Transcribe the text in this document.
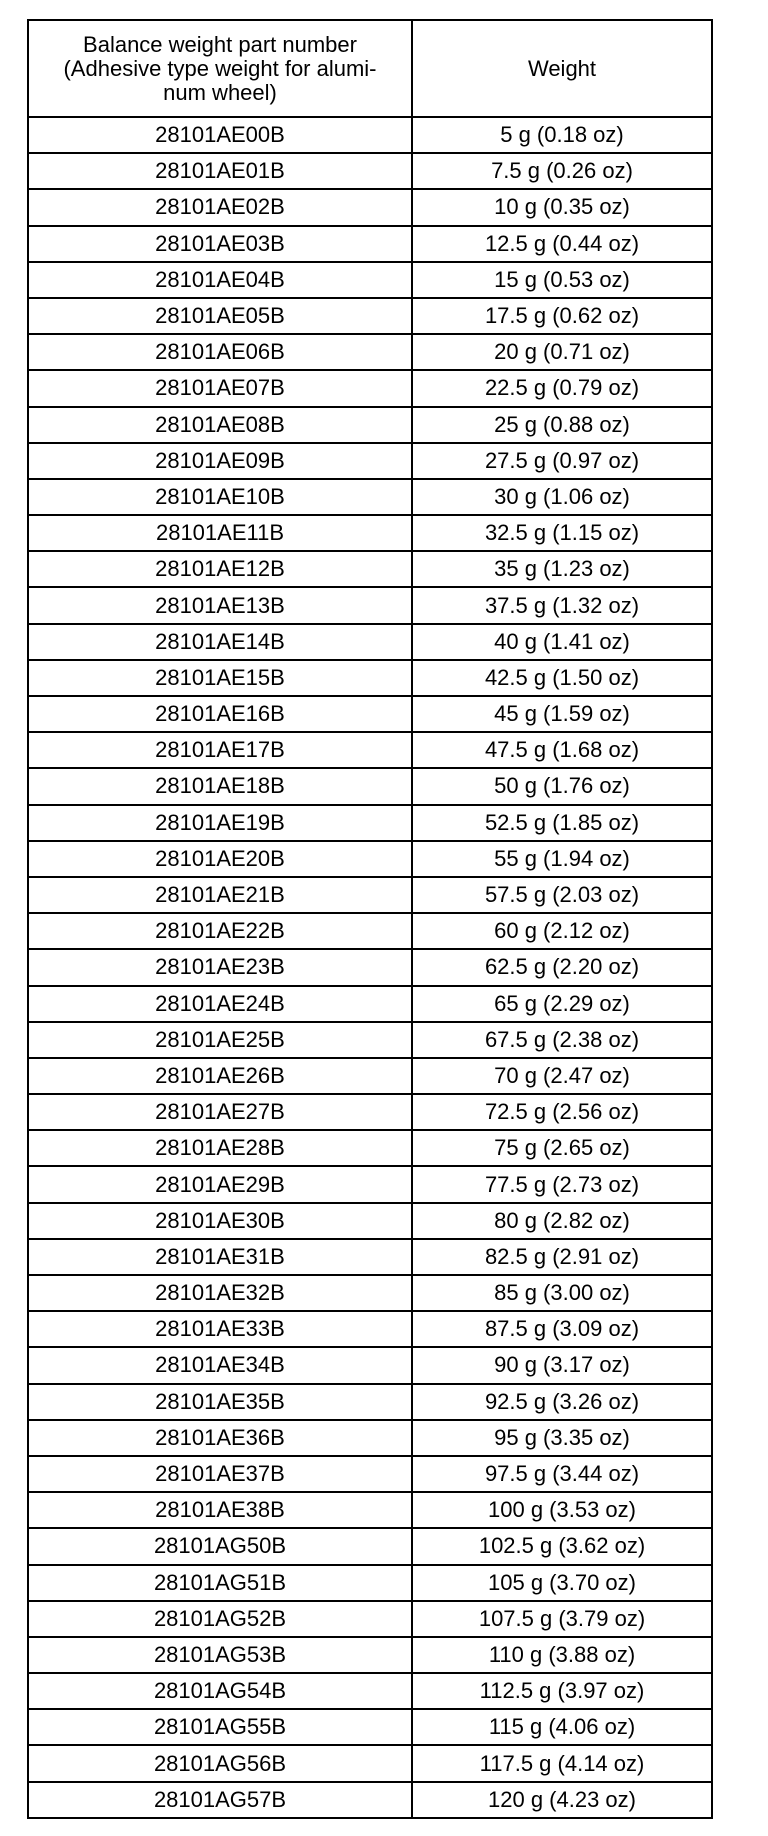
Balance weight part number
(Adhesive type weight for alumi-
num wheel)	Weight
28101AE00B	5 g (0.18 oz)
28101AE01B	7.5 g (0.26 oz)
28101AE02B	10 g (0.35 oz)
28101AE03B	12.5 g (0.44 oz)
28101AE04B	15 g (0.53 oz)
28101AE05B	17.5 g (0.62 oz)
28101AE06B	20 g (0.71 oz)
28101AE07B	22.5 g (0.79 oz)
28101AE08B	25 g (0.88 oz)
28101AE09B	27.5 g (0.97 oz)
28101AE10B	30 g (1.06 oz)
28101AE11B	32.5 g (1.15 oz)
28101AE12B	35 g (1.23 oz)
28101AE13B	37.5 g (1.32 oz)
28101AE14B	40 g (1.41 oz)
28101AE15B	42.5 g (1.50 oz)
28101AE16B	45 g (1.59 oz)
28101AE17B	47.5 g (1.68 oz)
28101AE18B	50 g (1.76 oz)
28101AE19B	52.5 g (1.85 oz)
28101AE20B	55 g (1.94 oz)
28101AE21B	57.5 g (2.03 oz)
28101AE22B	60 g (2.12 oz)
28101AE23B	62.5 g (2.20 oz)
28101AE24B	65 g (2.29 oz)
28101AE25B	67.5 g (2.38 oz)
28101AE26B	70 g (2.47 oz)
28101AE27B	72.5 g (2.56 oz)
28101AE28B	75 g (2.65 oz)
28101AE29B	77.5 g (2.73 oz)
28101AE30B	80 g (2.82 oz)
28101AE31B	82.5 g (2.91 oz)
28101AE32B	85 g (3.00 oz)
28101AE33B	87.5 g (3.09 oz)
28101AE34B	90 g (3.17 oz)
28101AE35B	92.5 g (3.26 oz)
28101AE36B	95 g (3.35 oz)
28101AE37B	97.5 g (3.44 oz)
28101AE38B	100 g (3.53 oz)
28101AG50B	102.5 g (3.62 oz)
28101AG51B	105 g (3.70 oz)
28101AG52B	107.5 g (3.79 oz)
28101AG53B	110 g (3.88 oz)
28101AG54B	112.5 g (3.97 oz)
28101AG55B	115 g (4.06 oz)
28101AG56B	117.5 g (4.14 oz)
28101AG57B	120 g (4.23 oz)
